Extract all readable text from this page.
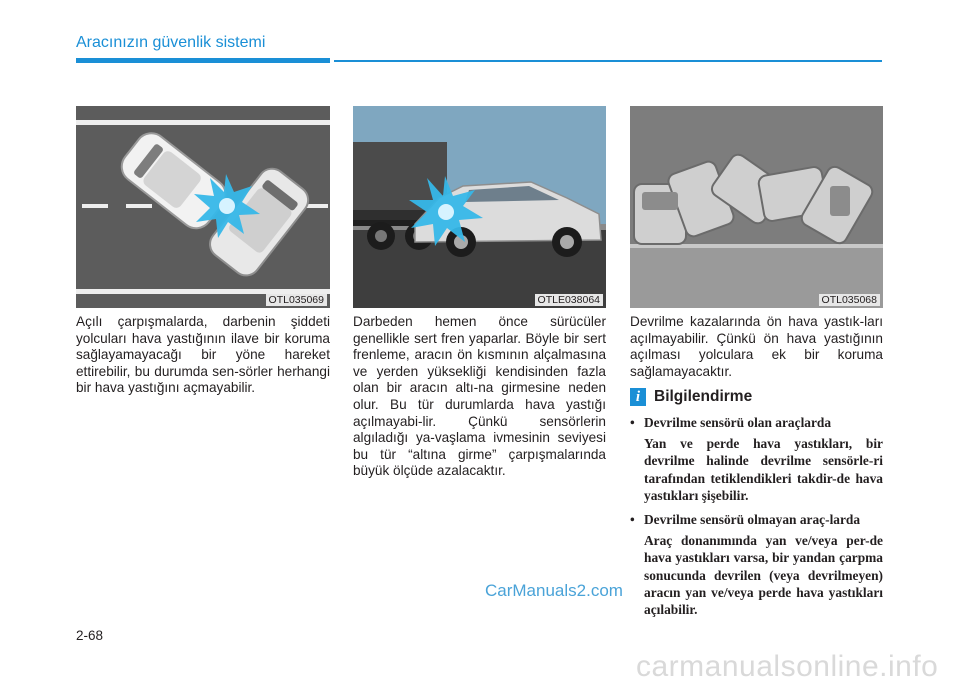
Aracınızın güvenlik sistemi
OTL035069	OTLE038064	OTL035068

Açılı çarpışmalarda, darbenin şiddeti yolcuları hava yastığının ilave bir koruma sağlayamayacağı bir yöne hareket ettirebilir, bu durumda sen-sörler herhangi bir hava yastığını açmayabilir.

Darbeden hemen önce sürücüler genellikle sert fren yaparlar. Böyle bir sert frenleme, aracın ön kısmının alçalmasına ve yerden yüksekliği kendisinden fazla olan bir aracın altı-na girmesine neden olur. Bu tür durumlarda hava yastığı açılmayabi-lir. Çünkü sensörlerin algıladığı ya-vaşlama ivmesinin seviyesi bu tür “altına girme” çarpışmalarında büyük ölçüde azalacaktır.

Devrilme kazalarında ön hava yastık-ları açılmayabilir. Çünkü ön hava yastığının açılması yolculara ek bir koruma sağlamayacaktır.

i Bilgilendirme
• Devrilme sensörü olan araçlarda
Yan ve perde hava yastıkları, bir devrilme halinde devrilme sensörle-ri tarafından tetiklendikleri takdir-de hava yastıkları şişebilir.
• Devrilme sensörü olmayan araç-larda
Araç donanımında yan ve/veya per-de hava yastıkları varsa, bir yandan çarpma sonucunda devrilen (veya devrilmeyen) aracın yan ve/veya perde hava yastıkları açılabilir.
CarManuals2.com
2-68
carmanualsonline.info
